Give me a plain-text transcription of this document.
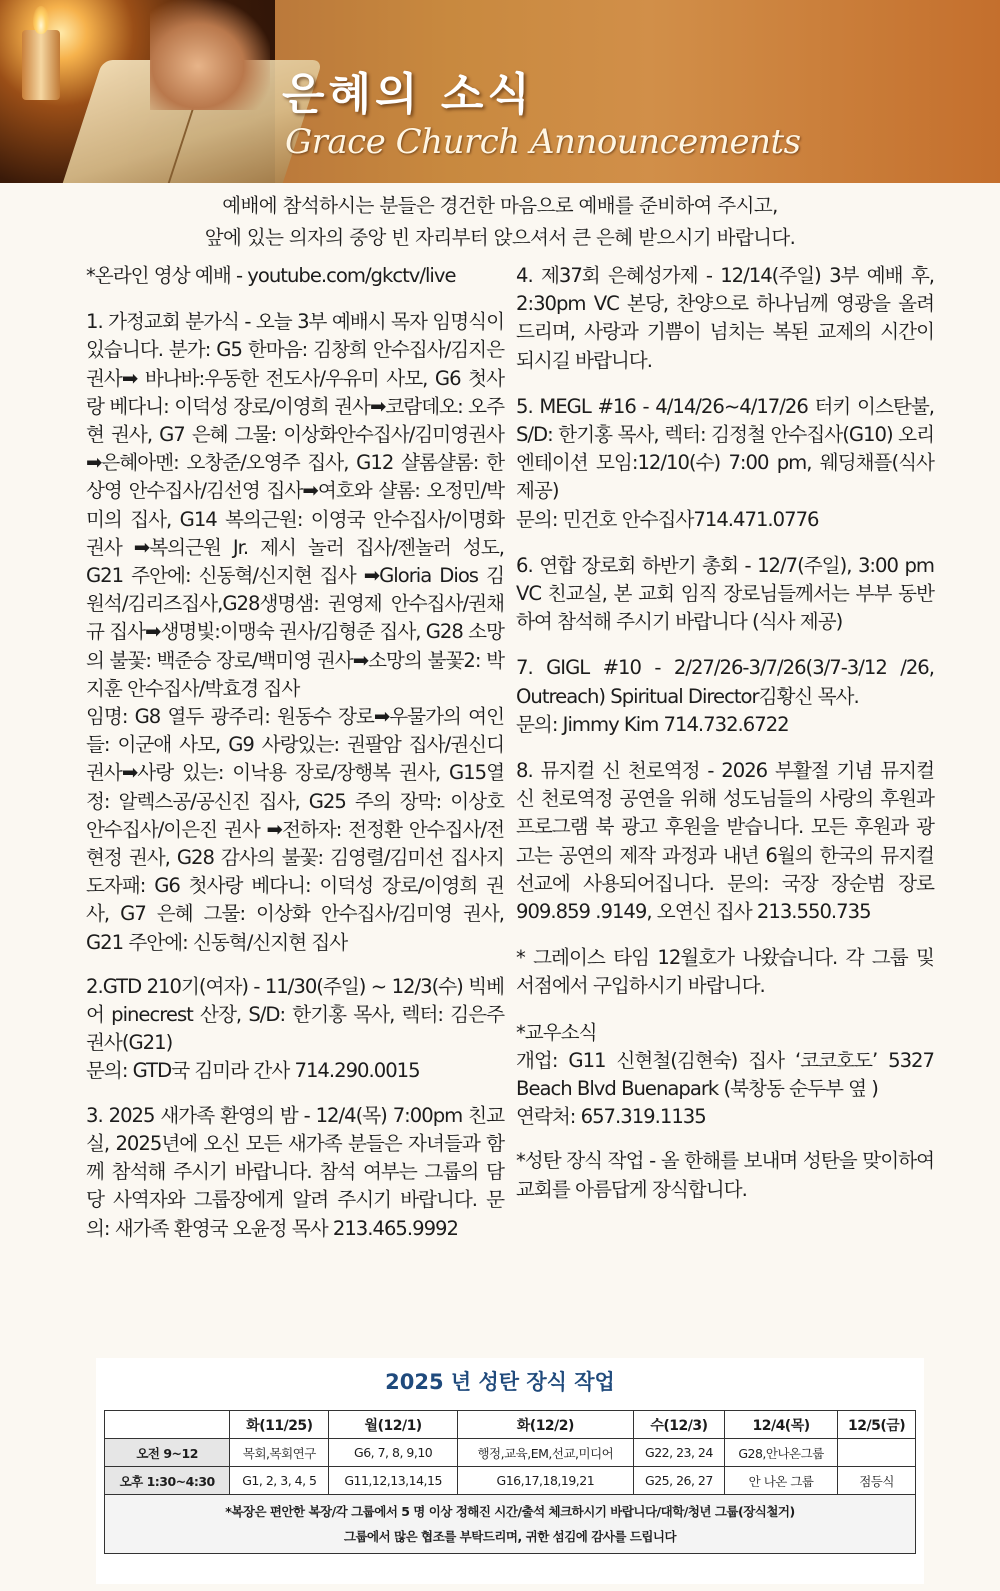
은혜의 소식
Grace Church Announcements
예배에 참석하시는 분들은 경건한 마음으로 예배를 준비하여 주시고,
앞에 있는 의자의 중앙 빈 자리부터 앉으셔서 큰 은혜 받으시기 바랍니다.

*온라인 영상 예배 - youtube.com/gkctv/live

1. 가정교회 분가식 - 오늘 3부 예배시 목자 임명식이 있습니다. 분가: G5 한마음: 김창희 안수집사/김지은권사➡ 바나바:우동한 전도사/우유미 사모, G6 첫사랑 베다니: 이덕성 장로/이영희 권사➡코람데오: 오주현 권사, G7 은혜 그물: 이상화안수집사/김미영권사➡은혜아멘: 오창준/오영주 집사, G12 샬롬샬롬: 한상영 안수집사/김선영 집사➡여호와 샬롬: 오정민/박미의 집사, G14 복의근원: 이영국 안수집사/이명화 권사 ➡복의근원 Jr. 제시 놀러 집사/젠놀러 성도, G21 주안에: 신동혁/신지현 집사 ➡Gloria Dios 김원석/김리즈집사,G28생명샘: 권영제 안수집사/권채규 집사➡생명빛:이맹숙 권사/김형준 집사, G28 소망의 불꽃: 백준승 장로/백미영 권사➡소망의 불꽃2: 박지훈 안수집사/박효경 집사

임명: G8 열두 광주리: 원동수 장로➡우물가의 여인들: 이군애 사모, G9 사랑있는: 권팔암 집사/권신디 권사➡사랑 있는: 이낙용 장로/장행복 권사, G15열정: 알렉스공/공신진 집사, G25 주의 장막: 이상호 안수집사/이은진 권사 ➡전하자: 전정환 안수집사/전현정 권사, G28 감사의 불꽃: 김영렬/김미선 집사지도자패: G6 첫사랑 베다니: 이덕성 장로/이영희 권사, G7 은혜 그물: 이상화 안수집사/김미영 권사, G21 주안에: 신동혁/신지현 집사

2.GTD 210기(여자) - 11/30(주일) ~ 12/3(수) 빅베어 pinecrest 산장, S/D: 한기홍 목사, 렉터: 김은주 권사(G21)

문의: GTD국 김미라 간사 714.290.0015

3. 2025 새가족 환영의 밤 - 12/4(목) 7:00pm 친교실, 2025년에 오신 모든 새가족 분들은 자녀들과 함께 참석해 주시기 바랍니다. 참석 여부는 그룹의 담당 사역자와 그룹장에게 알려 주시기 바랍니다. 문의: 새가족 환영국 오윤정 목사 213.465.9992

4. 제37회 은혜성가제 - 12/14(주일) 3부 예배 후, 2:30pm VC 본당, 찬양으로 하나님께 영광을 올려 드리며, 사랑과 기쁨이 넘치는 복된 교제의 시간이 되시길 바랍니다.

5. MEGL #16 - 4/14/26~4/17/26 터키 이스탄불, S/D: 한기홍 목사, 렉터: 김정철 안수집사(G10) 오리엔테이션 모임:12/10(수) 7:00 pm, 웨딩채플(식사 제공)

문의: 민건호 안수집사714.471.0776

6. 연합 장로회 하반기 총회 - 12/7(주일), 3:00 pm VC 친교실, 본 교회 임직 장로님들께서는 부부 동반하여 참석해 주시기 바랍니다 (식사 제공)

7. GIGL #10 - 2/27/26-3/7/26(3/7-3/12 /26, Outreach) Spiritual Director김황신 목사.

문의: Jimmy Kim 714.732.6722

8. 뮤지컬 신 천로역정 - 2026 부활절 기념 뮤지컬 신 천로역정 공연을 위해 성도님들의 사랑의 후원과 프로그램 북 광고 후원을 받습니다. 모든 후원과 광고는 공연의 제작 과정과 내년 6월의 한국의 뮤지컬 선교에 사용되어집니다. 문의: 국장 장순범 장로 909.859 .9149, 오연신 집사 213.550.735

* 그레이스 타임 12월호가 나왔습니다. 각 그룹 및 서점에서 구입하시기 바랍니다.

*교우소식

개업: G11 신현철(김현숙) 집사 ‘코코호도’ 5327 Beach Blvd Buenapark (북창동 순두부 옆 )

연락처: 657.319.1135

*성탄 장식 작업 - 올 한해를 보내며 성탄을 맞이하여 교회를 아름답게 장식합니다.

2025 년 성탄 장식 작업
	화(11/25)	월(12/1)	화(12/2)	수(12/3)	12/4(목)	12/5(금)
오전 9~12	목회,목회연구	G6, 7, 8, 9,10	행정,교육,EM,선교,미디어	G22, 23, 24	G28,안나온그룹	
오후 1:30~4:30	G1, 2, 3, 4, 5	G11,12,13,14,15	G16,17,18,19,21	G25, 26, 27	안 나온 그룹	점등식

*복장은 편안한 복장/각 그룹에서 5 명 이상 정해진 시간/출석 체크하시기 바랍니다/대학/청년 그룹(장식철거)
그룹에서 많은 협조를 부탁드리며, 귀한 섬김에 감사를 드립니다						
